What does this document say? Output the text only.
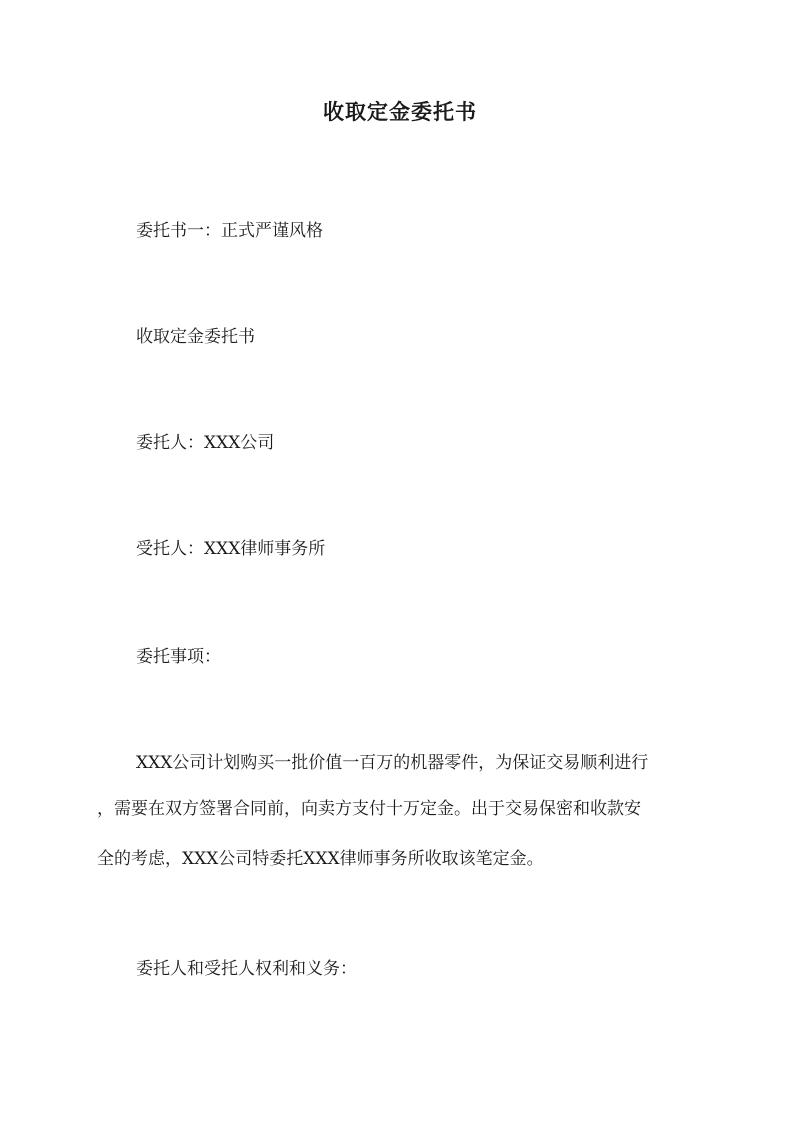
收取定金委托书
委托书一：正式严谨风格
收取定金委托书
委托人：XXX公司
受托人：XXX律师事务所
委托事项：
XXX公司计划购买一批价值一百万的机器零件，为保证交易顺利进行
，需要在双方签署合同前，向卖方支付十万定金。出于交易保密和收款安
全的考虑，XXX公司特委托XXX律师事务所收取该笔定金。
委托人和受托人权利和义务：
